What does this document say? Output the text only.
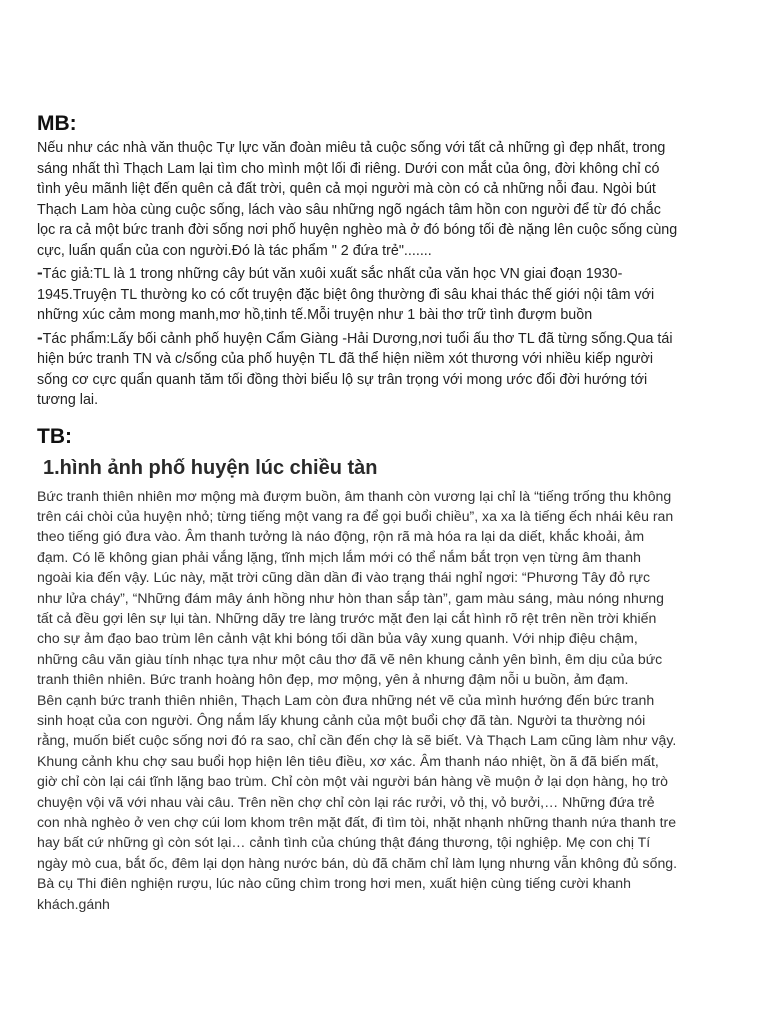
MB:

Nếu như các nhà văn thuộc Tự lực văn đoàn miêu tả cuộc sống với tất cả những gì đẹp nhất, trong sáng nhất thì Thạch Lam lại tìm cho mình một lối đi riêng. Dưới con mắt của ông, đời không chỉ có tình yêu mãnh liệt đến quên cả đất trời, quên cả mọi người mà còn có cả những nỗi đau. Ngòi bút Thạch Lam hòa cùng cuộc sống, lách vào sâu những ngõ ngách tâm hồn con người để từ đó chắc lọc ra cả một bức tranh đời sống nơi phố huyện nghèo mà ở đó bóng tối đè nặng lên cuộc sống cùng cực, luẩn quẩn của con người.Đó là tác phẩm " 2 đứa trẻ".......

-Tác giả:TL là 1 trong những cây bút văn xuôi xuất sắc nhất của văn học VN giai đoạn 1930-1945.Truyện TL thường ko có cốt truyện đặc biệt ông thường đi sâu khai thác thế giới nội tâm với những xúc cảm mong manh,mơ hồ,tinh tế.Mỗi truyện như 1 bài thơ trữ tình đượm buồn

-Tác phẩm:Lấy bối cảnh phố huyện Cẩm Giàng -Hải Dương,nơi tuổi ấu thơ TL đã từng sống.Qua tái hiện bức tranh TN và c/sống của phố huyện TL đã thể hiện niềm xót thương với nhiều kiếp người sống cơ cực quẩn quanh tăm tối đồng thời biểu lộ sự trân trọng với mong ước đổi đời hướng tới tương lai.

TB:
1.hình ảnh phố huyện lúc chiều tàn

Bức tranh thiên nhiên mơ mộng mà đượm buồn, âm thanh còn vương lại chỉ là “tiếng trống thu không trên cái chòi của huyện nhỏ; từng tiếng một vang ra để gọi buổi chiều”, xa xa là tiếng ếch nhái kêu ran theo tiếng gió đưa vào. Âm thanh tưởng là náo động, rộn rã mà hóa ra lại da diết, khắc khoải, ảm đạm. Có lẽ không gian phải vắng lặng, tĩnh mịch lắm mới có thể nắm bắt trọn vẹn từng âm thanh ngoài kia đến vậy. Lúc này, mặt trời cũng dần dần đi vào trạng thái nghỉ ngơi: “Phương Tây đỏ rực như lửa cháy”, “Những đám mây ánh hồng như hòn than sắp tàn”, gam màu sáng, màu nóng nhưng tất cả đều gợi lên sự lụi tàn. Những dãy tre làng trước mặt đen lại cắt hình rõ rệt trên nền trời khiến cho sự ảm đạo bao trùm lên cảnh vật khi bóng tối dần bủa vây xung quanh. Với nhịp điệu chậm, những câu văn giàu tính nhạc tựa như một câu thơ đã vẽ nên khung cảnh yên bình, êm dịu của bức tranh thiên nhiên. Bức tranh hoàng hôn đẹp, mơ mộng, yên ả nhưng đậm nỗi u buồn, ảm đạm.

Bên cạnh bức tranh thiên nhiên, Thạch Lam còn đưa những nét vẽ của mình hướng đến bức tranh sinh hoạt của con người. Ông nắm lấy khung cảnh của một buổi chợ đã tàn. Người ta thường nói rằng, muốn biết cuộc sống nơi đó ra sao, chỉ cần đến chợ là sẽ biết. Và Thạch Lam cũng làm như vậy. Khung cảnh khu chợ sau buổi họp hiện lên tiêu điều, xơ xác. Âm thanh náo nhiệt, ồn ã đã biến mất, giờ chỉ còn lại cái tĩnh lặng bao trùm. Chỉ còn một vài người bán hàng về muộn ở lại dọn hàng, họ trò chuyện vội vã với nhau vài câu. Trên nền chợ chỉ còn lại rác rưởi, vỏ thị, vỏ bưởi,… Những đứa trẻ con nhà nghèo ở ven chợ cúi lom khom trên mặt đất, đi tìm tòi, nhặt nhạnh những thanh nứa thanh tre hay bất cứ những gì còn sót lại… cảnh tình của chúng thật đáng thương, tội nghiệp. Mẹ con chị Tí ngày mò cua, bắt ốc, đêm lại dọn hàng nước bán, dù đã chăm chỉ làm lụng nhưng vẫn không đủ sống. Bà cụ Thi điên nghiện rượu, lúc nào cũng chìm trong hơi men, xuất hiện cùng tiếng cười khanh khách.gánh
